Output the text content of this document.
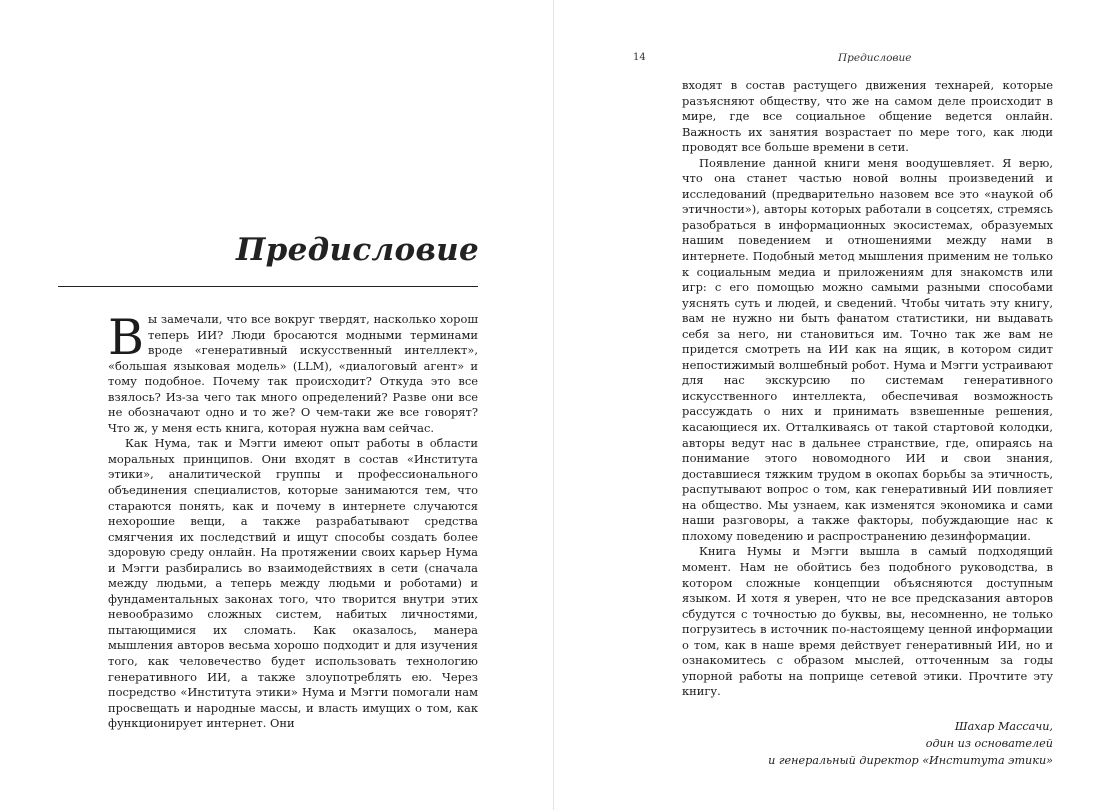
Предисловие

Вы замечали, что все вокруг твердят, насколько хорош теперь ИИ? Люди бросаются модными терминами вроде «генеративный искусственный интеллект», «большая языковая модель» (LLM), «диалоговый агент» и тому подобное. Почему так происходит? Откуда это все взялось? Из-за чего так много определений? Разве они все не обозначают одно и то же? О чем-таки же все говорят? Что ж, у меня есть книга, которая нужна вам сейчас.

Как Нума, так и Мэгги имеют опыт работы в области моральных принципов. Они входят в состав «Института этики», аналитической группы и профессионального объединения специалистов, которые занимаются тем, что стараются понять, как и почему в интернете случаются нехорошие вещи, а также разрабатывают средства смягчения их последствий и ищут способы создать более здоровую среду онлайн. На протяжении своих карьер Нума и Мэгги разбирались во взаимодействиях в сети (сначала между людьми, а теперь между людьми и роботами) и фундаментальных законах того, что творится внутри этих невообразимо сложных систем, набитых личностями, пытающимися их сломать. Как оказалось, манера мышления авторов весьма хорошо подходит и для изучения того, как человечество будет использовать технологию генеративного ИИ, а также злоупотреблять ею. Через посредство «Института этики» Нума и Мэгги помогали нам просвещать и народные массы, и власть имущих о том, как функционирует интернет. Они

14	Предисловие

входят в состав растущего движения технарей, которые разъясняют обществу, что же на самом деле происходит в мире, где все социальное общение ведется онлайн. Важность их занятия возрастает по мере того, как люди проводят все больше времени в сети.

Появление данной книги меня воодушевляет. Я верю, что она станет частью новой волны произведений и исследований (предварительно назовем все это «наукой об этичности»), авторы которых работали в соцсетях, стремясь разобраться в информационных экосистемах, образуемых нашим поведением и отношениями между нами в интернете. Подобный метод мышления применим не только к социальным медиа и приложениям для знакомств или игр: с его помощью можно самыми разными способами уяснять суть и людей, и сведений. Чтобы читать эту книгу, вам не нужно ни быть фанатом статистики, ни выдавать себя за него, ни становиться им. Точно так же вам не придется смотреть на ИИ как на ящик, в котором сидит непостижимый волшебный робот. Нума и Мэгги устраивают для нас экскурсию по системам генеративного искусственного интеллекта, обеспечивая возможность рассуждать о них и принимать взвешенные решения, касающиеся их. Отталкиваясь от такой стартовой колодки, авторы ведут нас в дальнее странствие, где, опираясь на понимание этого новомодного ИИ и свои знания, доставшиеся тяжким трудом в окопах борьбы за этичность, распутывают вопрос о том, как генеративный ИИ повлияет на общество. Мы узнаем, как изменятся экономика и сами наши разговоры, а также факторы, побуждающие нас к плохому поведению и распространению дезинформации.

Книга Нумы и Мэгги вышла в самый подходящий момент. Нам не обойтись без подобного руководства, в котором сложные концепции объясняются доступным языком. И хотя я уверен, что не все предсказания авторов сбудутся с точностью до буквы, вы, несомненно, не только погрузитесь в источник по-настоящему ценной информации о том, как в наше время действует генеративный ИИ, но и ознакомитесь с образом мыслей, отточенным за годы упорной работы на поприще сетевой этики. Прочтите эту книгу.

Шахар Массачи,
один из основателей
и генеральный директор «Института этики»
